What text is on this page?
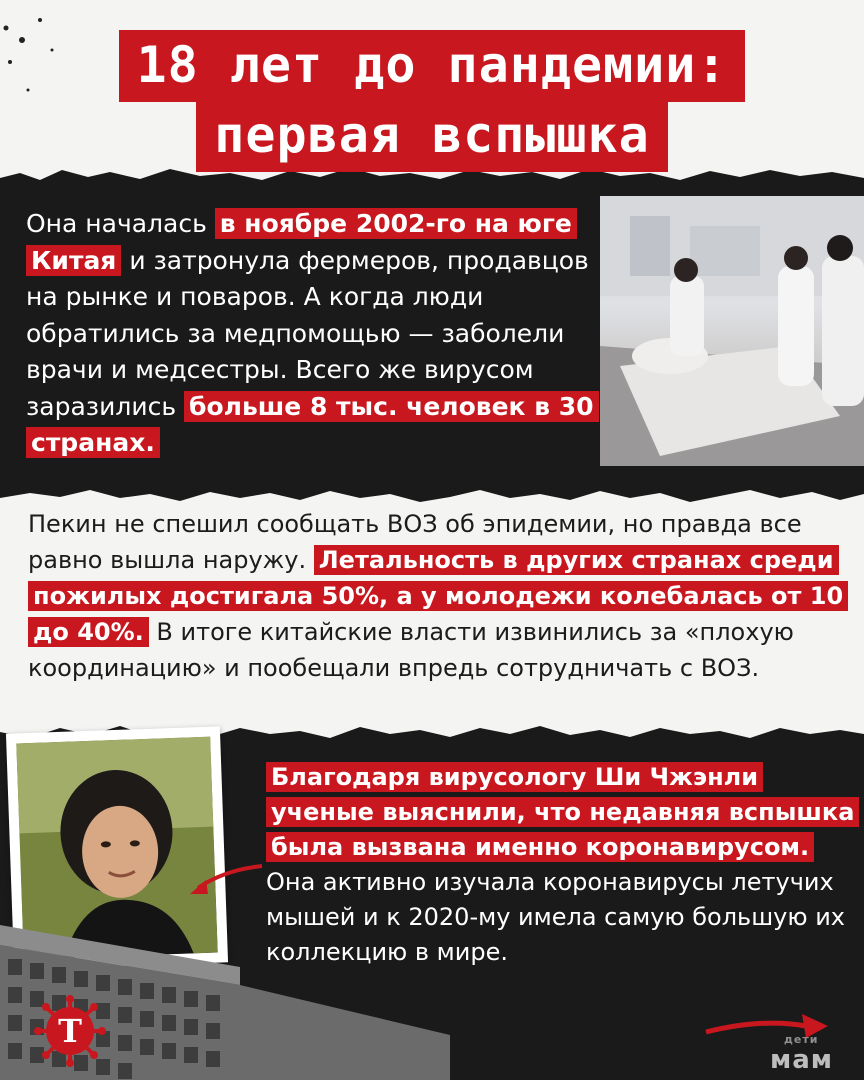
18 лет до пандемии:
первая вспышка
Она началась в ноябре 2002-го на юге Китая и затронула фермеров, продавцов на рынке и поваров. А когда люди обратились за медпомощью — заболели врачи и медсестры. Всего же вирусом заразились больше 8 тыс. человек в 30 странах.
Пекин не спешил сообщать ВОЗ об эпидемии, но правда все равно вышла наружу. Летальность в других странах среди пожилых достигала 50%, а у молодежи колебалась от 10 до 40%. В итоге китайские власти извинились за «плохую координацию» и пообещали впредь сотрудничать с ВОЗ.
Благодаря вирусологу Ши Чжэнли ученые выяснили, что недавняя вспышка была вызвана именно коронавирусом. Она активно изучала коронавирусы летучих мышей и к 2020-му имела самую большую их коллекцию в мире.
Т	дети
мам
